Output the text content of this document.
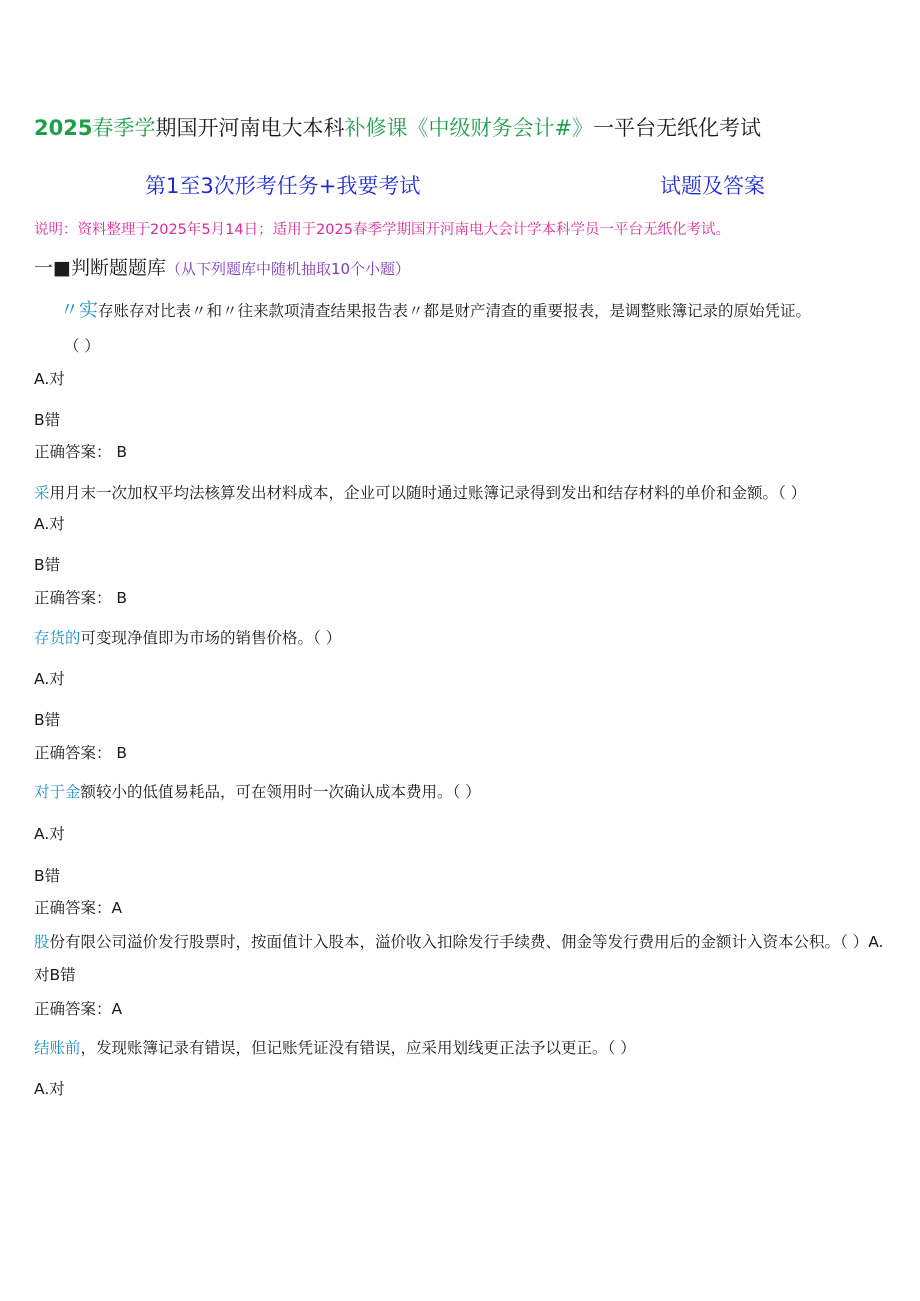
2025春季学期国开河南电大本科补修课《中级财务会计#》一平台无纸化考试
第1至3次形考任务+我要考试	试题及答案
说明：资料整理于2025年5月14日；适用于2025春季学期国开河南电大会计学本科学员一平台无纸化考试。
一■判断题题库（从下列题库中随机抽取10个小题）
〃实存账存对比表〃和〃往来款项清查结果报告表〃都是财产清查的重要报表，是调整账簿记录的原始凭证。
（ ）
A.对
B错
正确答案： B
采用月末一次加权平均法核算发出材料成本，企业可以随时通过账簿记录得到发出和结存材料的单价和金额。（ ）
A.对
B错
正确答案： B
存货的可变现净值即为市场的销售价格。（ ）
A.对
B错
正确答案： B
对于金额较小的低值易耗品，可在领用时一次确认成本费用。（ ）
A.对
B错
正确答案：A
股份有限公司溢价发行股票时，按面值计入股本，溢价收入扣除发行手续费、佣金等发行费用后的金额计入资本公积。（ ）A.对B错
正确答案：A
结账前，发现账簿记录有错误，但记账凭证没有错误，应采用划线更正法予以更正。（ ）
A.对
